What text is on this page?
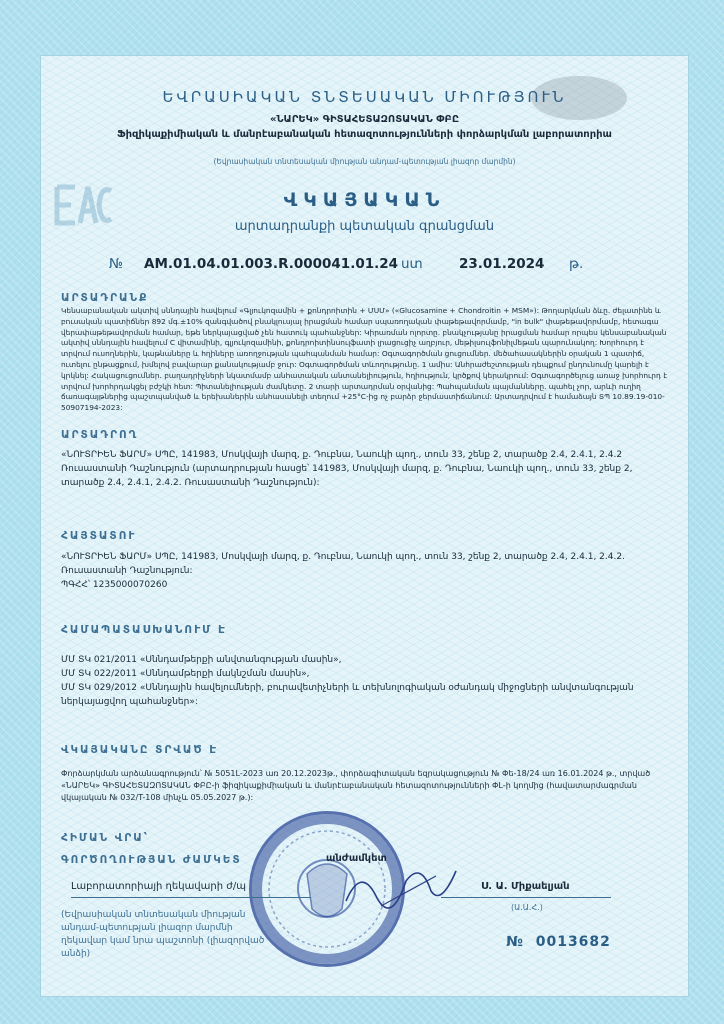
ԵՎՐԱՍԻԱԿԱՆ ՏՆՏԵՍԱԿԱՆ ՄԻՈՒԹՅՈՒՆ
«ՆԱՐԵԿ» ԳԻՏԱՀԵՏԱԶՈՏԱԿԱՆ ՓԲԸ
Ֆիզիկաքիմիական և մանրէաբանական հետազոտությունների փորձարկման լաբորատորիա
(Եվրասիական տնտեսական միության անդամ-պետության լիազոր մարմին)
ՎԿԱՅԱԿԱՆ
արտադրանքի պետական գրանցման
№ AM.01.04.01.003.R.000041.01.24 ստ	23.01.2024 թ.
ԱՐՏԱԴՐԱՆՔ
Կենսաբանական ակտիվ սննդային հավելում «Գլյուկոզամին + քոնդրոիտին + ՄՍՄ» («Glucosamine + Chondroitin + MSM»): Թողարկման ձևը. ժելատինե և բուսական պատիճներ 892 մգ.±10% զանգվածով բնակլուսյալ իրացման համար սպառողական փաթեթավորմամբ, "in bulk" փաթեթավորմամբ, հետագա վերափաթեթավորման համար, եթե ներկայացված չեն հատուկ պահանջներ: Կիրառման ոլորտը. բնակչությանը իրացման համար որպես կենսաբանական ակտիվ սննդային հավելում C վիտամինի, գլյուկոզամինի, քոնդրոիտինսուլֆատի լրացուցիչ աղբյուր, մեթիլսուլֆոնիլմեթան պարունակող: Խորհուրդ է տրվում ուսողներին, կաթնաները և հղիները առողջության պահպանման համար: Օգտագործման ցուցումներ. մեծահասակներին օրական 1 պատիճ, ուտելու ընթացքում, խմելով բավարար քանակությամբ ջուր: Օգտագործման տևողությունը. 1 ամիս: Անհրաժեշտության դեպքում ընդունումը կարելի է կրկնել: Հակացուցումներ. բաղադրիչների նկատմամբ անհատական անտանելիություն, հղիություն, կրծքով կերակրում: Օգտագործելուց առաջ խորհուրդ է տրվում խորհրդակցել բժշկի հետ: Պիտանելիության ժամկետը. 2 տարի արտադրման օրվանից: Պահպանման պայմանները. պահել չոր, արևի ուղիղ ճառագայթներից պաշտպանված և երեխաներին անհասանելի տեղում +25°C-ից ոչ բարձր ջերմաստիճանում: Արտադրվում է համաձայն ՏՊ 10.89.19-010-50907194-2023:
ԱՐՏԱԴՐՈՂ
«ՆՈՒՏՐԻԵՆ ՖԱՐՄ» ՍՊԸ, 141983, Մոսկվայի մարզ, ք. Դուբնա, Նաուկի պող., տուն 33, շենք 2, տարածք 2.4, 2.4.1, 2.4.2 Ռուսաստանի Դաշնություն (արտադրության հասցե՝ 141983, Մոսկվայի մարզ, ք. Դուբնա, Նաուկի պող., տուն 33, շենք 2, տարածք 2.4, 2.4.1, 2.4.2. Ռուսաստանի Դաշնություն):
ՀԱՅՏԱՏՈՒ
«ՆՈՒՏՐԻԵՆ ՖԱՐՄ» ՍՊԸ, 141983, Մոսկվայի մարզ, ք. Դուբնա, Նաուկի պող., տուն 33, շենք 2, տարածք 2.4, 2.4.1, 2.4.2. Ռուսաստանի Դաշնություն:
ՊԳՀՀ՝ 1235000070260
ՀԱՄԱՊԱՏԱՍԽԱՆՈՒՄ Է
ՄՄ ՏԿ 021/2011 «Սննդամթերքի անվտանգության մասին»,
ՄՄ ՏԿ 022/2011 «Սննդամթերքի մակնշման մասին»,
ՄՄ ՏԿ 029/2012 «Սննդային հավելումների, բուրավետիչների և տեխնոլոգիական օժանդակ միջոցների անվտանգության ներկայացվող պահանջներ»:
ՎԿԱՅԱԿԱՆԸ ՏՐՎԱԾ Է
Փորձարկման արձանագրություն՝ № 5051L-2023 առ 20.12.2023թ., փորձագիտական եզրակացություն № Փե-18/24 առ 16.01.2024 թ., տրված «ՆԱՐԵԿ» ԳԻՏԱՀԵՏԱԶՈՏԱԿԱՆ ՓԲԸ-ի ֆիզիկաքիմիական և մանրէաբանական հետազոտությունների ՓԼ-ի կողմից (հավատարմագրման վկայական № 032/T-108 մինչև 05.05.2027 թ.):
ՀԻՄԱՆ ՎՐԱ՝
ԳՈՐԾՈՂՈՒԹՅԱՆ ԺԱՄԿԵՏ	անժամկետ
Լաբորատորիայի ղեկավարի ժ/պ	Ս. Ա. Միքաելյան
(Ա.Ա.Հ.)
(Եվրասիական տնտեսական միության անդամ-պետության լիազոր մարմնի ղեկավար կամ նրա պաշտոնի (լիազորված անձի)
№ 0013682
